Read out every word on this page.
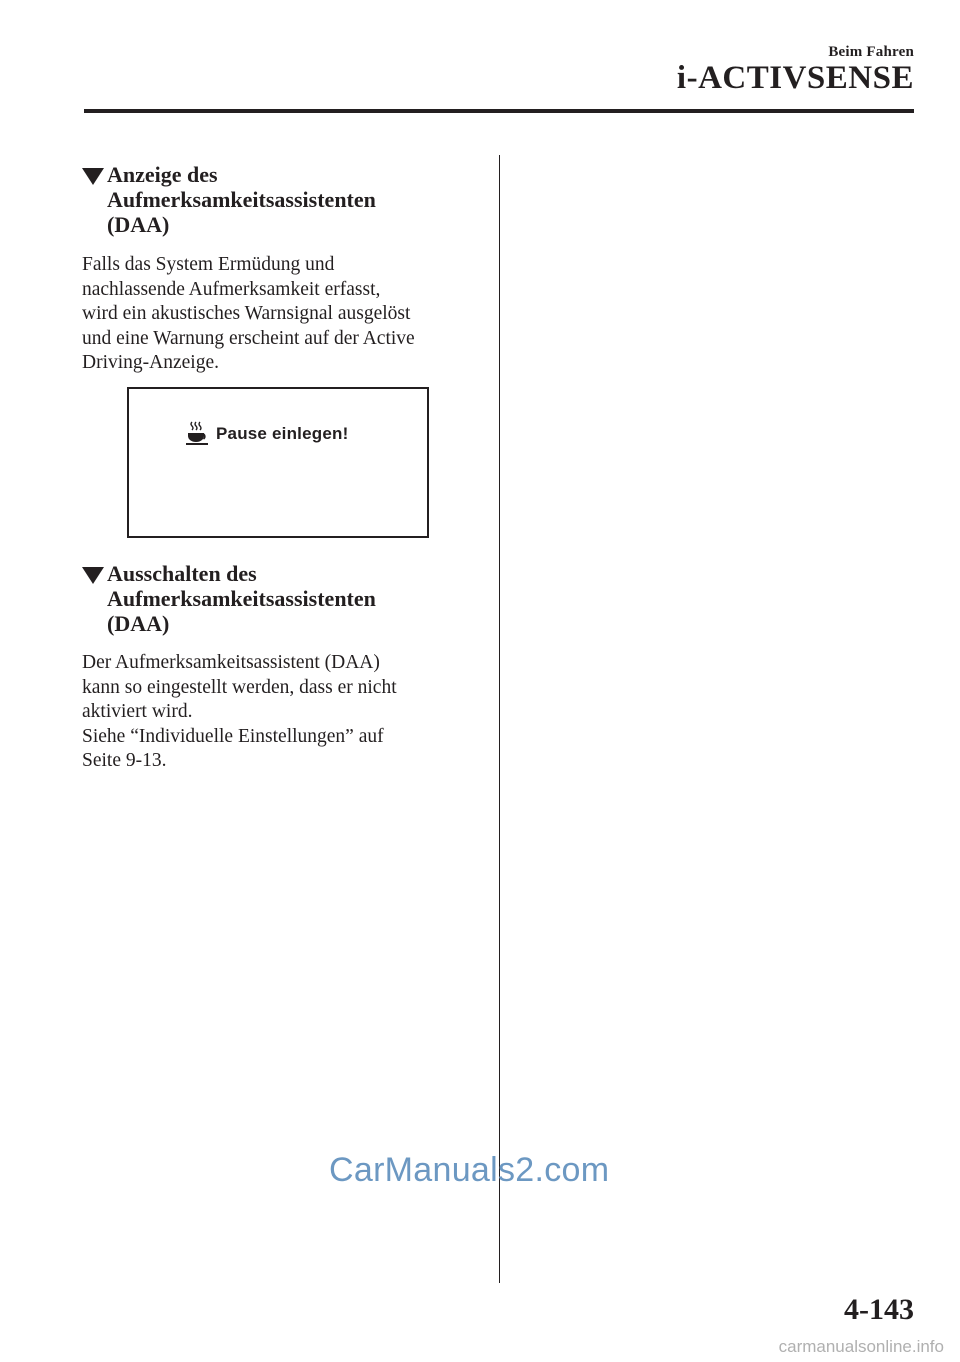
Beim Fahren
i-ACTIVSENSE
Anzeige des
Aufmerksamkeitsassistenten
(DAA)
Falls das System Ermüdung und
nachlassende Aufmerksamkeit erfasst,
wird ein akustisches Warnsignal ausgelöst
und eine Warnung erscheint auf der Active
Driving-Anzeige.
Pause einlegen!
Ausschalten des
Aufmerksamkeitsassistenten
(DAA)
Der Aufmerksamkeitsassistent (DAA)
kann so eingestellt werden, dass er nicht
aktiviert wird.
Siehe “Individuelle Einstellungen” auf
Seite 9-13.
CarManuals2.com
4-143
carmanualsonline.info
